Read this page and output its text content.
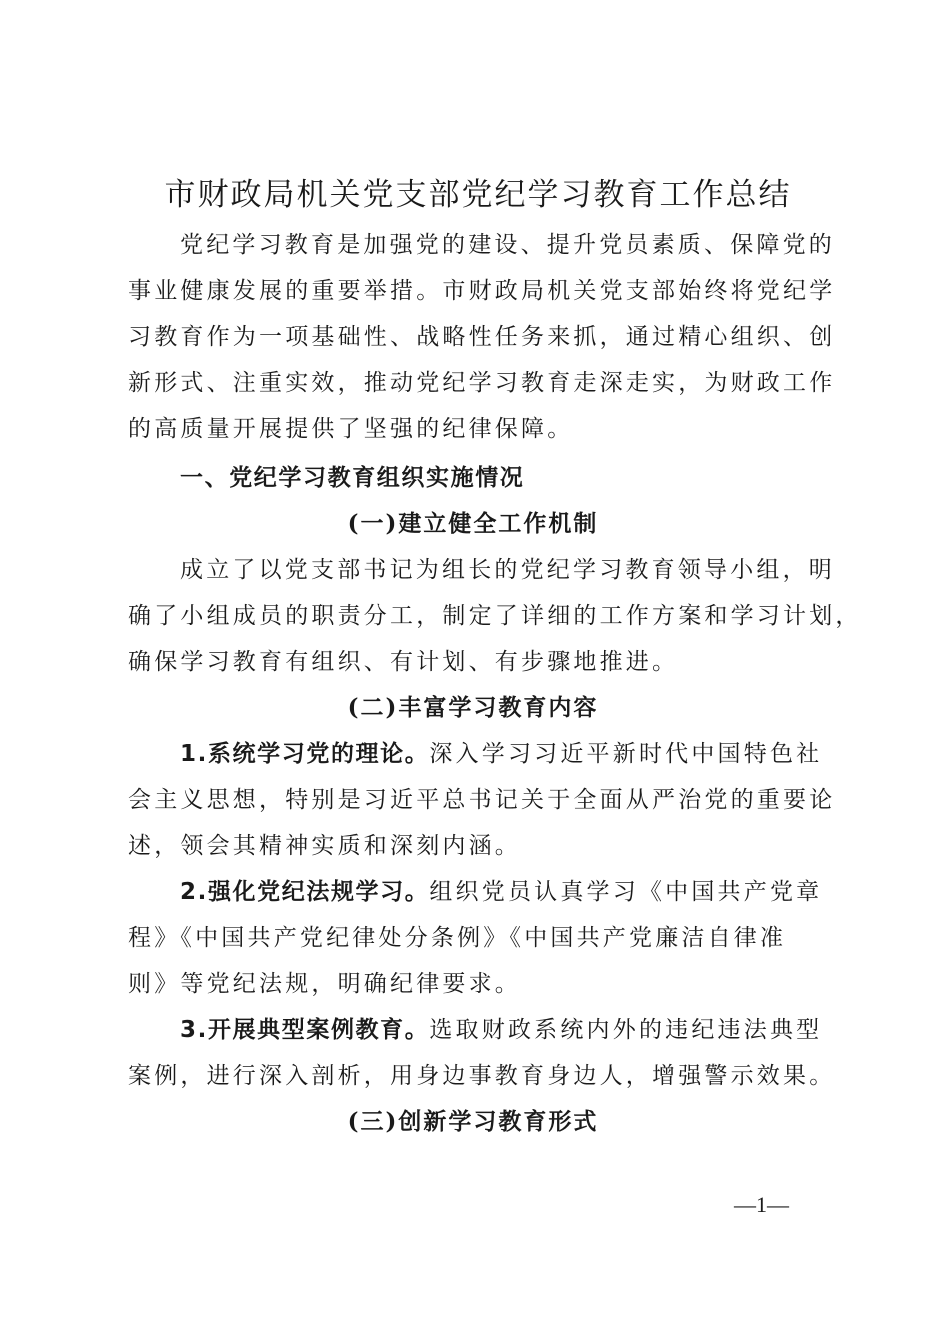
市财政局机关党支部党纪学习教育工作总结
党纪学习教育是加强党的建设、提升党员素质、保障党的
事业健康发展的重要举措。市财政局机关党支部始终将党纪学
习教育作为一项基础性、战略性任务来抓，通过精心组织、创
新形式、注重实效，推动党纪学习教育走深走实，为财政工作
的高质量开展提供了坚强的纪律保障。
一、党纪学习教育组织实施情况
(一)建立健全工作机制
成立了以党支部书记为组长的党纪学习教育领导小组，明
确了小组成员的职责分工，制定了详细的工作方案和学习计划，
确保学习教育有组织、有计划、有步骤地推进。
(二)丰富学习教育内容
1.系统学习党的理论。深入学习习近平新时代中国特色社
会主义思想，特别是习近平总书记关于全面从严治党的重要论
述，领会其精神实质和深刻内涵。
2.强化党纪法规学习。组织党员认真学习《中国共产党章
程》《中国共产党纪律处分条例》《中国共产党廉洁自律准
则》等党纪法规，明确纪律要求。
3.开展典型案例教育。选取财政系统内外的违纪违法典型
案例，进行深入剖析，用身边事教育身边人，增强警示效果。
(三)创新学习教育形式
—1—
